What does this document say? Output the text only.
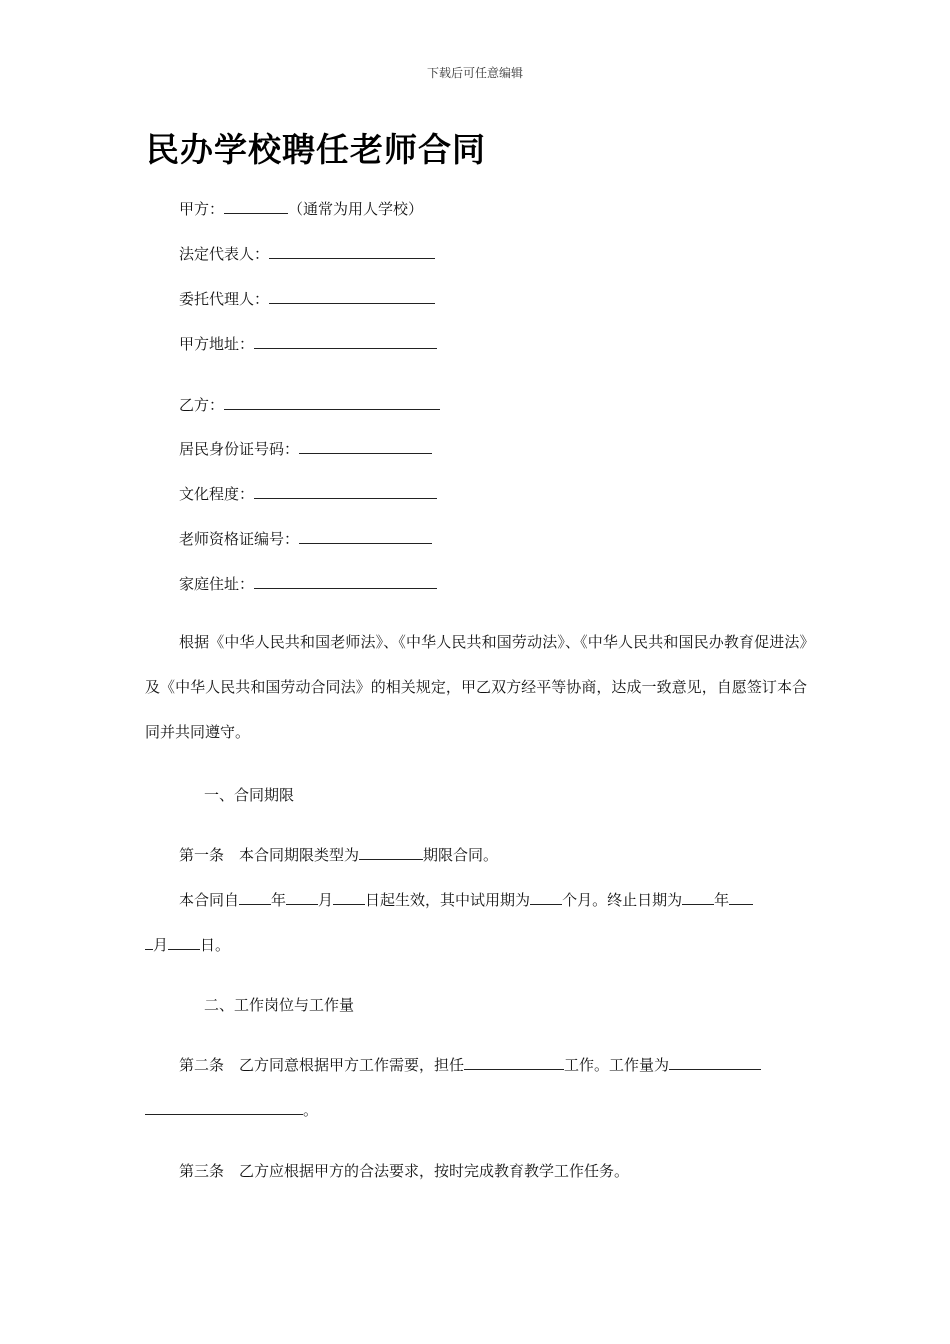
下载后可任意编辑
民办学校聘任老师合同
甲方：	（通常为用人学校）
法定代表人：
委托代理人：
甲方地址：
乙方：
居民身份证号码：
文化程度：
老师资格证编号：
家庭住址：

根据《中华人民共和国老师法》、《中华人民共和国劳动法》、《中华人民共和国民办教育促进法》及《中华人民共和国劳动合同法》的相关规定，甲乙双方经平等协商，达成一致意见，自愿签订本合同并共同遵守。

一、合同期限
第一条　本合同期限类型为	期限合同。
本合同自 年 月 日起生效，其中试用期为 个月。终止日期为 年
月 日。
二、工作岗位与工作量
第二条　乙方同意根据甲方工作需要，担任	工作。工作量为
。
第三条　乙方应根据甲方的合法要求，按时完成教育教学工作任务。
